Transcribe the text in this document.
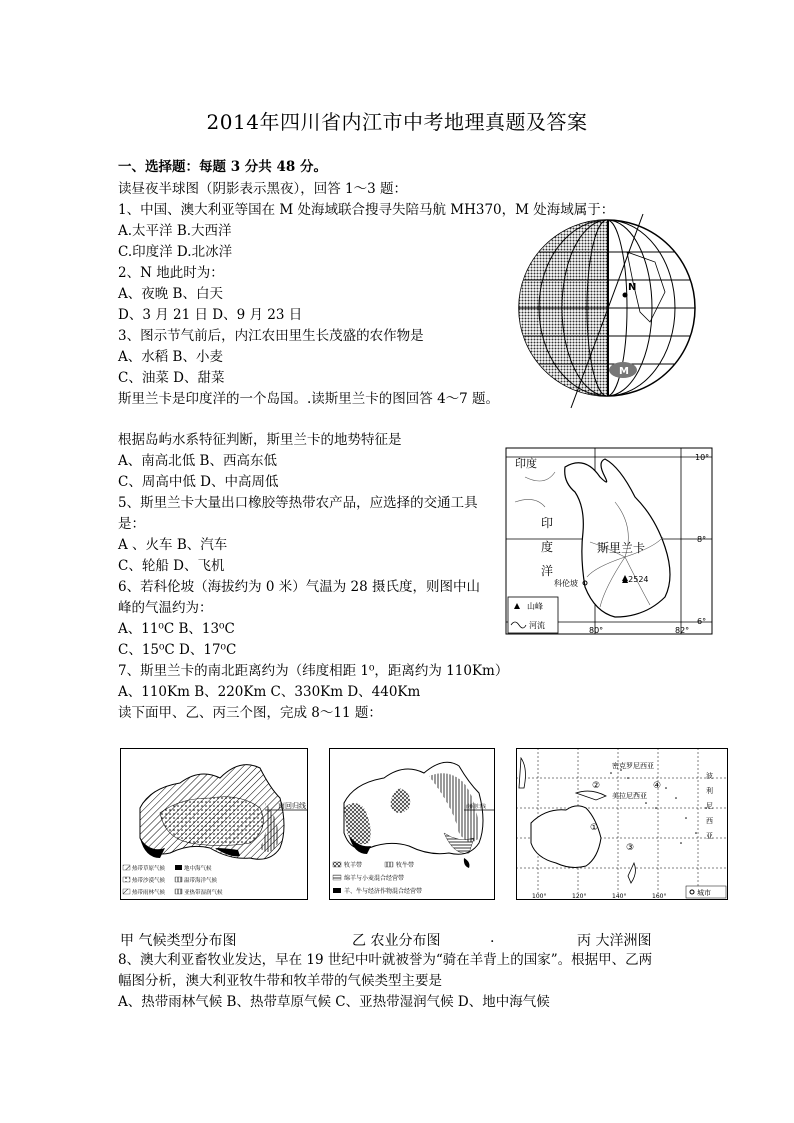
2014年四川省内江市中考地理真题及答案
一、选择题：每题 3 分共 48 分。
读昼夜半球图（阴影表示黑夜），回答 1～3 题：
1、中国、澳大利亚等国在 M 处海域联合搜寻失陪马航 MH370，M 处海域属于：
A.太平洋 B.大西洋
C.印度洋 D.北冰洋
2、N 地此时为：
A、夜晚 B、白天
D、3 月 21 日 D、9 月 23 日
3、图示节气前后，内江农田里生长茂盛的农作物是
A、水稻 B、小麦
C、油菜 D、甜菜
斯里兰卡是印度洋的一个岛国。.读斯里兰卡的图回答 4～7 题。
根据岛屿水系特征判断，斯里兰卡的地势特征是
A、南高北低 B、西高东低
C、周高中低 D、中高周低
5、斯里兰卡大量出口橡胶等热带农产品，应选择的交通工具
是：
A 、火车 B、汽车
C、轮船 D、飞机
6、若科伦坡（海拔约为 0 米）气温为 28 摄氏度，则图中山
峰的气温约为：
A、11⁰C B、13⁰C
C、15⁰C D、17⁰C
7、斯里兰卡的南北距离约为（纬度相距 1⁰，距离约为 110Km）
A、110Km B、220Km C、330Km D、440Km
读下面甲、乙、丙三个图，完成 8～11 题：
N
M
印度
印
度
洋
斯里兰卡
科伦坡	▲2524
10°
8°
6°
80°	82°
山峰
河流
南回归线
热带草原气候	地中海气候
热带沙漠气候	温带海洋气候
热带雨林气候	亚热带湿润气候
南回归线
牧羊带	牧牛带
绵羊与小麦混合经营带
羊、牛与经济作物混合经营带
密克罗尼西亚
美拉尼西亚
波
利
尼
西
亚
①
②
③
④
100°	120°	140°	160°	城市
甲 气候类型分布图	乙 农业分布图	.	丙 大洋洲图
8、澳大利亚畜牧业发达，早在 19 世纪中叶就被誉为“骑在羊背上的国家”。根据甲、乙两
幅图分析，澳大利亚牧牛带和牧羊带的气候类型主要是
A、热带雨林气候 B、热带草原气候 C、亚热带湿润气候 D、地中海气候
